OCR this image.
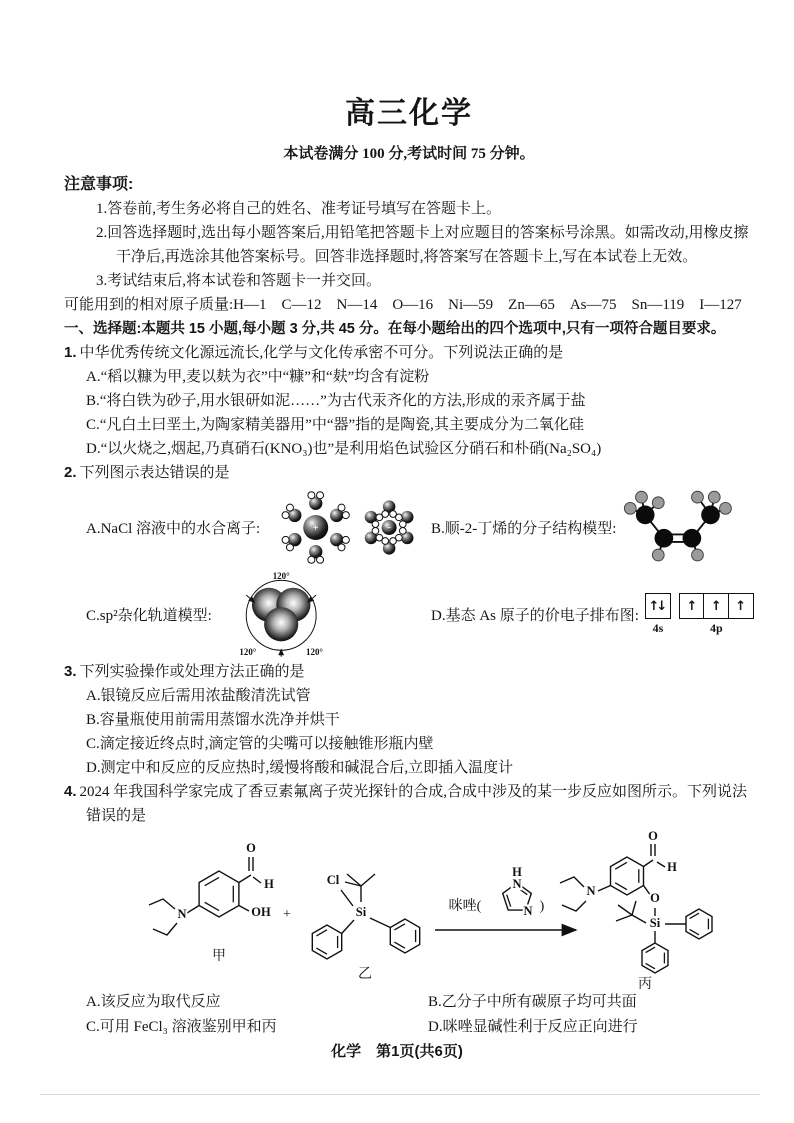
高三化学
本试卷满分 100 分,考试时间 75 分钟。
注意事项:
1.答卷前,考生务必将自己的姓名、准考证号填写在答题卡上。
2.回答选择题时,选出每小题答案后,用铅笔把答题卡上对应题目的答案标号涂黑。如需改动,用橡皮擦干净后,再选涂其他答案标号。回答非选择题时,将答案写在答题卡上,写在本试卷上无效。
3.考试结束后,将本试卷和答题卡一并交回。
可能用到的相对原子质量:H—1 C—12 N—14 O—16 Ni—59 Zn—65 As—75 Sn—119 I—127
一、选择题:本题共 15 小题,每小题 3 分,共 45 分。在每小题给出的四个选项中,只有一项符合题目要求。
1. 中华优秀传统文化源远流长,化学与文化传承密不可分。下列说法正确的是
A.“稻以糠为甲,麦以麸为衣”中“糠”和“麸”均含有淀粉
B.“将白铁为砂子,用水银研如泥……”为古代汞齐化的方法,形成的汞齐属于盐
C.“凡白土曰垩土,为陶家精美器用”中“器”指的是陶瓷,其主要成分为二氧化硅
D.“以火烧之,烟起,乃真硝石(KNO₃)也”是利用焰色试验区分硝石和朴硝(Na₂SO₄)
2. 下列图示表达错误的是
A.NaCl 溶液中的水合离子:	+	−	B.顺-2-丁烯的分子结构模型:
C.sp²杂化轨道模型:
120°
120°	120°
D.基态 As 原子的价电子排布图:
↑↓
4s
↑	↑	↑
4p
3. 下列实验操作或处理方法正确的是
A.银镜反应后需用浓盐酸清洗试管
B.容量瓶使用前需用蒸馏水洗净并烘干
C.滴定接近终点时,滴定管的尖嘴可以接触锥形瓶内壁
D.测定中和反应的反应热时,缓慢将酸和碱混合后,立即插入温度计
4. 2024 年我国科学家完成了香豆素氟离子荧光探针的合成,合成中涉及的某一步反应如图所示。下列说法错误的是
O
H
OH
N
甲
+
Cl
Si
乙
咪唑(
H
N
N )
O
H
N	O
Si
丙
A.该反应为取代反应	B.乙分子中所有碳原子均可共面
C.可用 FeCl₃ 溶液鉴别甲和丙	D.咪唑显碱性利于反应正向进行
化学　第1页(共6页)
